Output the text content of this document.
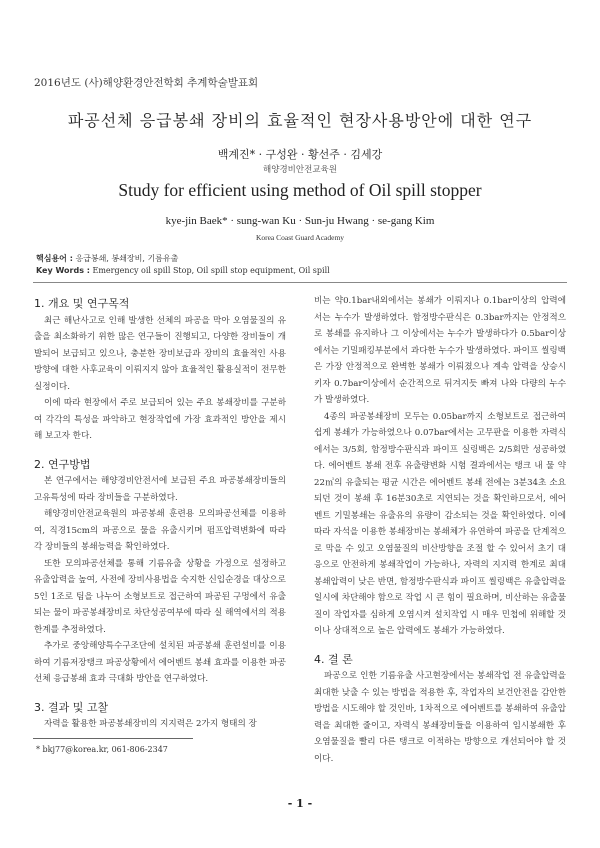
2016년도 (사)해양환경안전학회 추계학술발표회
파공선체 응급봉쇄 장비의 효율적인 현장사용방안에 대한 연구
백계진* · 구성완 · 황선주 · 김세강
해양경비안전교육원
Study for efficient using method of Oil spill stopper
kye-jin Baek* · sung-wan Ku · Sun-ju Hwang · se-gang Kim
Korea Coast Guard Academy
핵심용어 : 응급봉쇄, 봉쇄장비, 기름유출
Key Words : Emergency oil spill Stop, Oil spill stop equipment, Oil spill
1. 개요 및 연구목적

최근 해난사고로 인해 발생한 선체의 파공을 막아 오염물질의 유출을 최소화하기 위한 많은 연구들이 진행되고, 다양한 장비들이 개발되어 보급되고 있으나, 충분한 장비보급과 장비의 효율적인 사용방향에 대한 사후교육이 이뤄지지 않아 효율적인 활용실적이 전무한 실정이다.

이에 따라 현장에서 주로 보급되어 있는 주요 봉쇄장비를 구분하여 각각의 특성을 파악하고 현장작업에 가장 효과적인 방안을 제시해 보고자 한다.

2. 연구방법

본 연구에서는 해양경비안전서에 보급된 주요 파공봉쇄장비들의 고유특성에 따라 장비들을 구분하였다.

해양경비안전교육원의 파공봉쇄 훈련용 모의파공선체를 이용하여, 직경15cm의 파공으로 물을 유출시키며 펌프압력변화에 따라 각 장비들의 봉쇄능력을 확인하였다.

또한 모의파공선체를 통해 기름유출 상황을 가정으로 설정하고 유출압력을 높여, 사전에 장비사용법을 숙지한 신입순경을 대상으로 5인 1조로 팀을 나누어 소형보트로 접근하여 파공된 구멍에서 유출되는 물이 파공봉쇄장비로 차단성공여부에 따라 실 해역에서의 적용한계를 추정하였다.

추가로 중앙해양특수구조단에 설치된 파공봉쇄 훈련설비를 이용하여 기름저장탱크 파공상황에서 에어벤트 봉쇄 효과를 이용한 파공선체 응급봉쇄 효과 극대화 방안을 연구하였다.

3. 결과 및 고찰

자력을 활용한 파공봉쇄장비의 지지력은 2가지 형태의 장

비는 약0.1bar내외에서는 봉쇄가 이뤄지나 0.1bar이상의 압력에서는 누수가 발생하였다. 함정방수판식은 0.3bar까지는 안정적으로 봉쇄를 유지하나 그 이상에서는 누수가 발생하다가 0.5bar이상에서는 기밀패킹부분에서 과다한 누수가 발생하였다. 파이프 씰링백은 가장 안정적으로 완벽한 봉쇄가 이뤄졌으나 계속 압력을 상승시키자 0.7bar이상에서 순간적으로 뒤겨지듯 빠져 나와 다량의 누수가 발생하였다.

4종의 파공봉쇄장비 모두는 0.05bar까지 소형보트로 접근하여 쉽게 봉쇄가 가능하였으나 0.07bar에서는 고무판을 이용한 자력식에서는 3/5회, 함정방수판식과 파이프 실링백은 2/5회만 성공하였다. 에어벤트 봉쇄 전후 유출량변화 시험 결과에서는 탱크 내 물 약22㎥의 유출되는 평균 시간은 에어벤트 봉쇄 전에는 3분34초 소요되던 것이 봉쇄 후 16분30초로 지연되는 것을 확인하므로서, 에어벤트 기밀봉쇄는 유출유의 유량이 감소되는 것을 확인하였다. 이에 따라 자석을 이용한 봉쇄장비는 봉쇄체가 유연하여 파공을 단계적으로 막을 수 있고 오염물질의 비산방향을 조절 할 수 있어서 초기 대응으로 안전하게 봉쇄작업이 가능하나, 자력의 지지력 한계로 최대봉쇄압력이 낮은 반면, 함정방수판식과 파이프 씰링백은 유출압력을 일시에 차단해야 함으로 작업 시 큰 힘이 필요하며, 비산하는 유출물질이 작업자를 심하게 오염시켜 설치작업 시 매우 민첩에 위해할 것이나 상대적으로 높은 압력에도 봉쇄가 가능하였다.

4. 결 론

파공으로 인한 기름유출 사고현장에서는 봉쇄작업 전 유출압력을 최대한 낮출 수 있는 방법을 적용한 후, 작업자의 보건안전을 감안한 방법을 시도해야 할 것인바, 1차적으로 에어벤트를 봉쇄하여 유출압력을 최대한 줄이고, 자력식 봉쇄장비들을 이용하여 임시봉쇄한 후 오염물질을 빨리 다른 탱크로 이적하는 방향으로 개선되어야 할 것이다.

* bkj77@korea.kr, 061-806-2347
- 1 -
